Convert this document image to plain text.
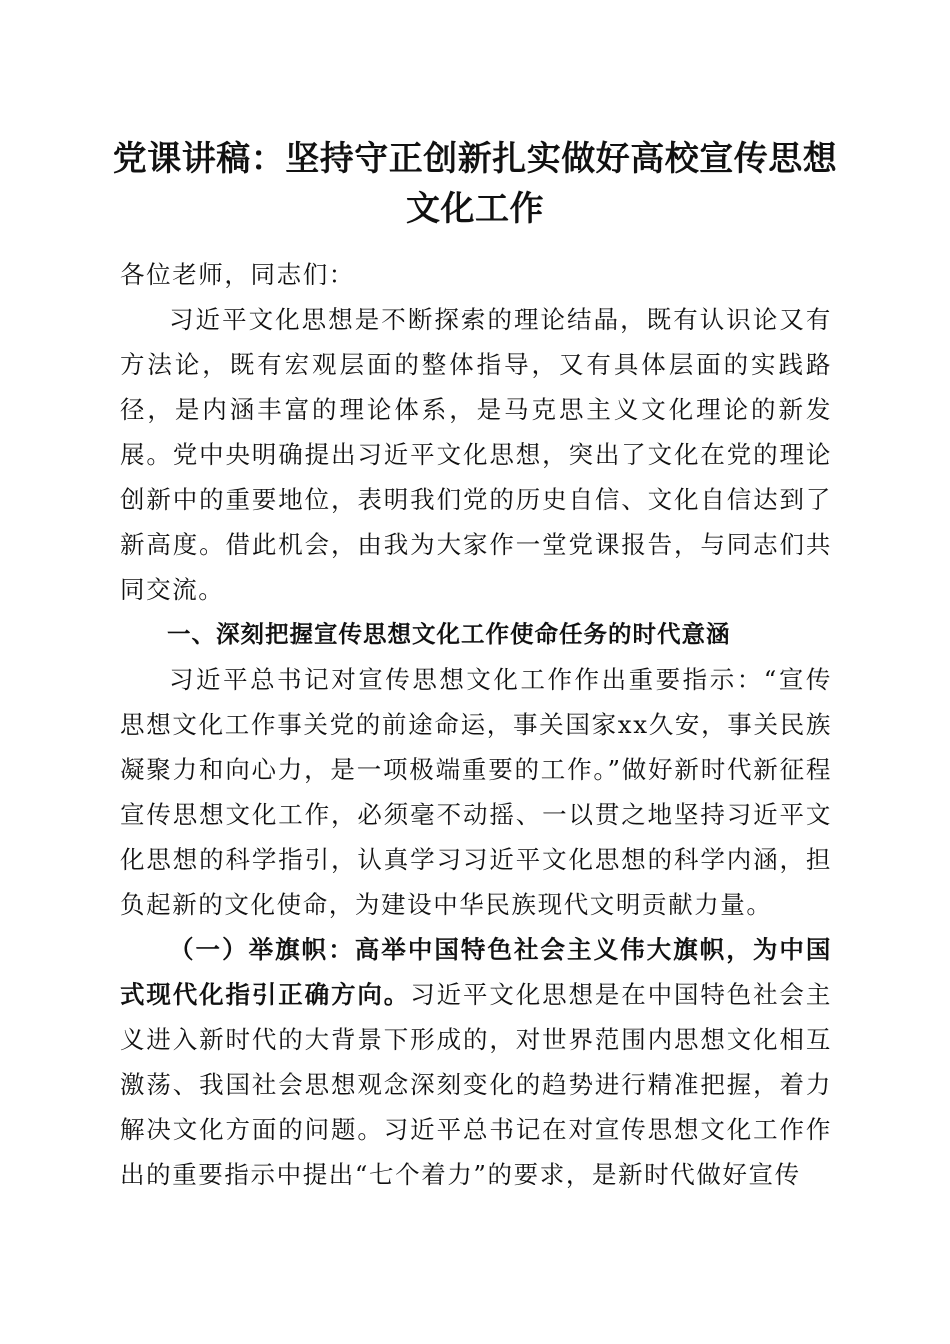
党课讲稿：坚持守正创新扎实做好高校宣传思想文化工作

各位老师，同志们：

习近平文化思想是不断探索的理论结晶，既有认识论又有方法论，既有宏观层面的整体指导，又有具体层面的实践路径，是内涵丰富的理论体系，是马克思主义文化理论的新发展。党中央明确提出习近平文化思想，突出了文化在党的理论创新中的重要地位，表明我们党的历史自信、文化自信达到了新高度。借此机会，由我为大家作一堂党课报告，与同志们共同交流。

一、深刻把握宣传思想文化工作使命任务的时代意涵

习近平总书记对宣传思想文化工作作出重要指示：“宣传思想文化工作事关党的前途命运，事关国家xx久安，事关民族凝聚力和向心力，是一项极端重要的工作。”做好新时代新征程宣传思想文化工作，必须毫不动摇、一以贯之地坚持习近平文化思想的科学指引，认真学习习近平文化思想的科学内涵，担负起新的文化使命，为建设中华民族现代文明贡献力量。

（一）举旗帜：高举中国特色社会主义伟大旗帜，为中国式现代化指引正确方向。习近平文化思想是在中国特色社会主义进入新时代的大背景下形成的，对世界范围内思想文化相互激荡、我国社会思想观念深刻变化的趋势进行精准把握，着力解决文化方面的问题。习近平总书记在对宣传思想文化工作作出的重要指示中提出“七个着力”的要求，是新时代做好宣传
